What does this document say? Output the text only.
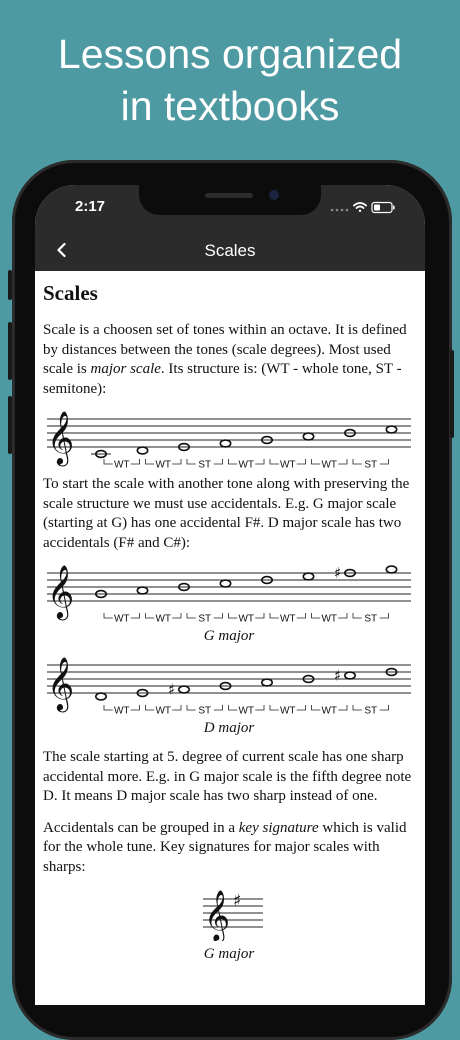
Lessons organized
in textbooks
2:17
Scales
Scales

Scale is a choosen set of tones within an octave. It is defined by distances between the tones (scale degrees). Most used scale is major scale. Its structure is: (WT - whole tone, ST - semitone):

𝄞
WT	WT	ST	WT	WT	WT	ST

To start the scale with another tone along with preserving the scale structure we must use accidentals. E.g. G major scale (starting at G) has one accidental F#. D major scale has two accidentals (F# and C#):

𝄞	♯
WT	WT	ST	WT	WT	WT	ST
G major
𝄞	♯
♯
WT	WT	ST	WT	WT	WT	ST
D major

The scale starting at 5. degree of current scale has one sharp accidental more. E.g. in G major scale is the fifth degree note D. It means D major scale has two sharp instead of one.

Accidentals can be grouped in a key signature which is valid for the whole tune. Key signatures for major scales with sharps:

𝄞 ♯
G major
